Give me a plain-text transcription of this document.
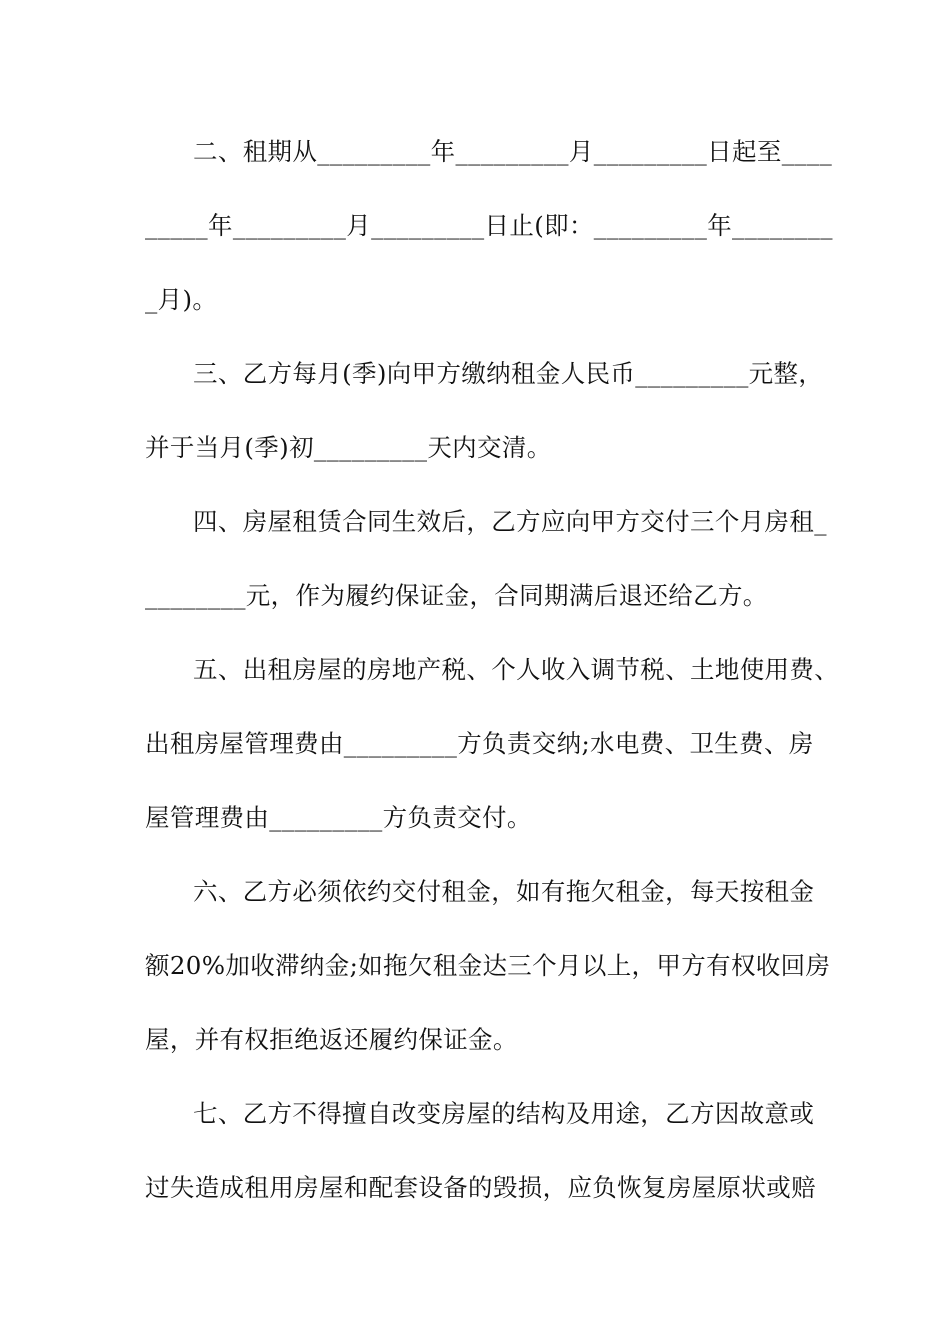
二、租期从_________年_________月_________日起至____
_____年_________月_________日止(即：_________年________
_月)。
三、乙方每月(季)向甲方缴纳租金人民币_________元整，
并于当月(季)初_________天内交清。
四、房屋租赁合同生效后，乙方应向甲方交付三个月房租_
________元，作为履约保证金，合同期满后退还给乙方。
五、出租房屋的房地产税、个人收入调节税、土地使用费、
出租房屋管理费由_________方负责交纳;水电费、卫生费、房
屋管理费由_________方负责交付。
六、乙方必须依约交付租金，如有拖欠租金，每天按租金
额20%加收滞纳金;如拖欠租金达三个月以上，甲方有权收回房
屋，并有权拒绝返还履约保证金。
七、乙方不得擅自改变房屋的结构及用途，乙方因故意或
过失造成租用房屋和配套设备的毁损，应负恢复房屋原状或赔
